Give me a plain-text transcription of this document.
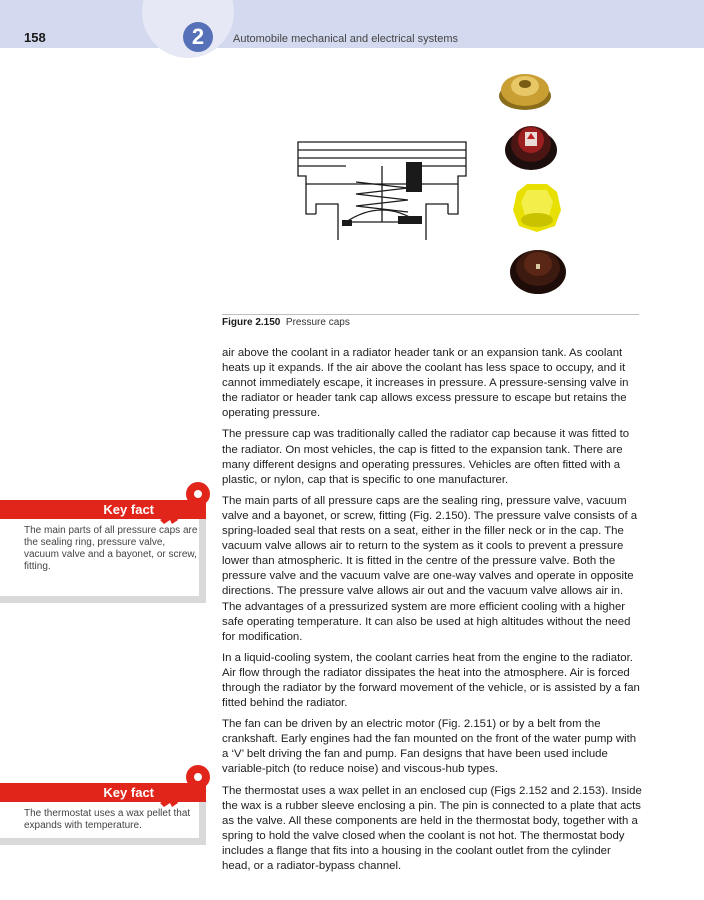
158	2	Automobile mechanical and electrical systems
Figure 2.150 Pressure caps
Key fact
The main parts of all pressure caps are the sealing ring, pressure valve, vacuum valve and a bayonet, or screw, fitting.
Key fact
The thermostat uses a wax pellet that expands with temperature.

air above the coolant in a radiator header tank or an expansion tank. As coolant heats up it expands. If the air above the coolant has less space to occupy, and it cannot immediately escape, it increases in pressure. A pressure-sensing valve in the radiator or header tank cap allows excess pressure to escape but retains the operating pressure.

The pressure cap was traditionally called the radiator cap because it was fitted to the radiator. On most vehicles, the cap is fitted to the expansion tank. There are many different designs and operating pressures. Vehicles are often fitted with a plastic, or nylon, cap that is specific to one manufacturer.

The main parts of all pressure caps are the sealing ring, pressure valve, vacuum valve and a bayonet, or screw, fitting (Fig. 2.150). The pressure valve consists of a spring-loaded seal that rests on a seat, either in the filler neck or in the cap. The vacuum valve allows air to return to the system as it cools to prevent a pressure lower than atmospheric. It is fitted in the centre of the pressure valve. Both the pressure valve and the vacuum valve are one-way valves and operate in opposite directions. The pressure valve allows air out and the vacuum valve allows air in. The advantages of a pressurized system are more efficient cooling with a higher safe operating temperature. It can also be used at high altitudes without the need for modification.

In a liquid-cooling system, the coolant carries heat from the engine to the radiator. Air flow through the radiator dissipates the heat into the atmosphere. Air is forced through the radiator by the forward movement of the vehicle, or is assisted by a fan fitted behind the radiator.

The fan can be driven by an electric motor (Fig. 2.151) or by a belt from the crankshaft. Early engines had the fan mounted on the front of the water pump with a ‘V’ belt driving the fan and pump. Fan designs that have been used include variable-pitch (to reduce noise) and viscous-hub types.

The thermostat uses a wax pellet in an enclosed cup (Figs 2.152 and 2.153). Inside the wax is a rubber sleeve enclosing a pin. The pin is connected to a plate that acts as the valve. All these components are held in the thermostat body, together with a spring to hold the valve closed when the coolant is not hot. The thermostat body includes a flange that fits into a housing in the coolant outlet from the cylinder head, or a radiator-bypass channel.
